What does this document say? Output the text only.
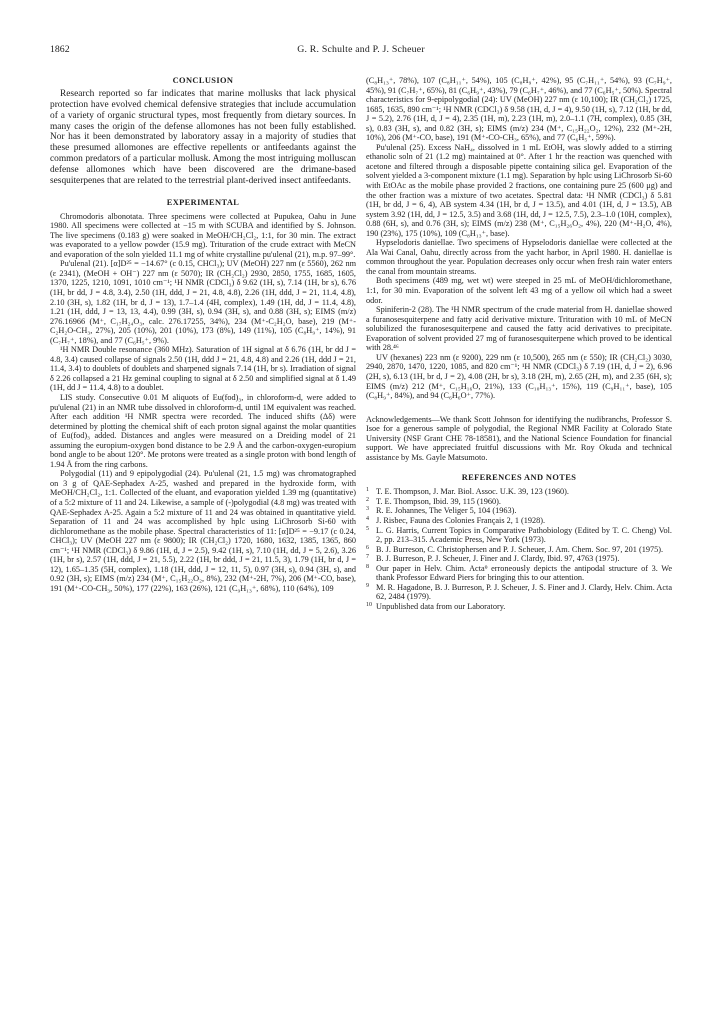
1862	G. R. Schulte and P. J. Scheuer
CONCLUSION

Research reported so far indicates that marine mollusks that lack physical protection have evolved chemical defensive strategies that include accumulation of a variety of organic structural types, most frequently from dietary sources. In many cases the origin of the defense allomones has not been fully established. Nor has it been demonstrated by laboratory assay in a majority of studies that these presumed allomones are effective repellents or antifeedants against the common predators of a particular mollusk. Among the most intriguing molluscan defense allomones which have been discovered are the drimane-based sesquiterpenes that are related to the terrestrial plant-derived insect antifeedants.

EXPERIMENTAL

Chromodoris albonotata. Three specimens were collected at Pupukea, Oahu in June 1980. All specimens were collected at −15 m with SCUBA and identified by S. Johnson. The live specimens (0.183 g) were soaked in MeOH/CH₂Cl₂, 1:1, for 30 min. The extract was evaporated to a yellow powder (15.9 mg). Trituration of the crude extract with MeCN and evaporation of the soln yielded 11.1 mg of white crystalline pu'ulenal (21), m.p. 97–99°.

Pu'ulenal (21). [α]D²⁵ = −14.67° (c 0.15, CHCl₃); UV (MeOH) 227 nm (ε 5560), 262 nm (ε 2341), (MeOH + OH⁻) 227 nm (ε 5070); IR (CH₂Cl₂) 2930, 2850, 1755, 1685, 1605, 1370, 1225, 1210, 1091, 1010 cm⁻¹; ¹H NMR (CDCl₃) δ 9.62 (1H, s), 7.14 (1H, br s), 6.76 (1H, br dd, J = 4.8, 3.4), 2.50 (1H, ddd, J = 21, 4.8, 4.8), 2.26 (1H, ddd, J = 21, 11.4, 4.8), 2.10 (3H, s), 1.82 (1H, br d, J = 13), 1.7–1.4 (4H, complex), 1.49 (1H, dd, J = 11.4, 4.8), 1.21 (1H, ddd, J = 13, 13, 4.4), 0.99 (3H, s), 0.94 (3H, s), and 0.88 (3H, s); EIMS (m/z) 276.16966 (M⁺, C₁₇H₂₄O₃, calc. 276.17255, 34%), 234 (M⁺-C₂H₂O, base), 219 (M⁺-C₂H₂O-CH₃, 27%), 205 (10%), 201 (10%), 173 (8%), 149 (11%), 105 (C₈H₉⁺, 14%), 91 (C₇H₇⁺, 18%), and 77 (C₆H₅⁺, 9%).

¹H NMR Double resonance (360 MHz). Saturation of 1H signal at δ 6.76 (1H, br dd J = 4.8, 3.4) caused collapse of signals 2.50 (1H, ddd J = 21, 4.8, 4.8) and 2.26 (1H, ddd J = 21, 11.4, 3.4) to doublets of doublets and sharpened signals 7.14 (1H, br s). Irradiation of signal δ 2.26 collapsed a 21 Hz geminal coupling to signal at δ 2.50 and simplified signal at δ 1.49 (1H, dd J = 11.4, 4.8) to a doublet.

LIS study. Consecutive 0.01 M aliquots of Eu(fod)₃, in chloroform-d, were added to pu'ulenal (21) in an NMR tube dissolved in chloroform-d, until 1M equivalent was reached. After each addition ¹H NMR spectra were recorded. The induced shifts (Δδ) were determined by plotting the chemical shift of each proton signal against the molar quantities of Eu(fod)₃ added. Distances and angles were measured on a Dreiding model of 21 assuming the europium-oxygen bond distance to be 2.9 Å and the carbon-oxygen-europium bond angle to be about 120°. Me protons were treated as a single proton with bond length of 1.94 Å from the ring carbons.

Polygodial (11) and 9 epipolygodial (24). Pu'ulenal (21, 1.5 mg) was chromatographed on 3 g of QAE-Sephadex A-25, washed and prepared in the hydroxide form, with MeOH/CH₂Cl₂, 1:1. Collected of the eluant, and evaporation yielded 1.39 mg (quantitative) of a 5:2 mixture of 11 and 24. Likewise, a sample of (-)polygodial (4.8 mg) was treated with QAE-Sephadex A-25. Again a 5:2 mixture of 11 and 24 was obtained in quantitative yield. Separation of 11 and 24 was accomplished by hplc using LiChrosorb Si-60 with dichloromethane as the mobile phase. Spectral characteristics of 11: [α]D²⁵ = −9.17 (c 0.24, CHCl₃); UV (MeOH 227 nm (ε 9800); IR (CH₂Cl₂) 1720, 1680, 1632, 1385, 1365, 860 cm⁻¹; ¹H NMR (CDCl₃) δ 9.86 (1H, d, J = 2.5), 9.42 (1H, s), 7.10 (1H, dd, J = 5, 2.6), 3.26 (1H, br s), 2.57 (1H, ddd, J = 21, 5.5), 2.22 (1H, br ddd, J = 21, 11.5, 3), 1.79 (1H, br d, J = 12), 1.65–1.35 (5H, complex), 1.18 (1H, ddd, J = 12, 11, 5), 0.97 (3H, s), 0.94 (3H, s), and 0.92 (3H, s); EIMS (m/z) 234 (M⁺, C₁₅H₂₂O₂, 8%), 232 (M⁺-2H, 7%), 206 (M⁺-CO, base), 191 (M⁺-CO-CH₃, 50%), 177 (22%), 163 (26%), 121 (C₉H₁₃⁺, 68%), 110 (64%), 109

(C₈H₁₃⁺, 78%), 107 (C₈H₁₁⁺, 54%), 105 (C₈H₉⁺, 42%), 95 (C₇H₁₁⁺, 54%), 93 (C₇H₉⁺, 45%), 91 (C₇H₇⁺, 65%), 81 (C₆H₉⁺, 43%), 79 (C₆H₇⁺, 46%), and 77 (C₆H₅⁺, 50%). Spectral characteristics for 9-epipolygodial (24): UV (MeOH) 227 nm (ε 10,100); IR (CH₂Cl₂) 1725, 1685, 1635, 890 cm⁻¹; ¹H NMR (CDCl₃) δ 9.58 (1H, d, J = 4), 9.50 (1H, s), 7.12 (1H, br dd, J = 5.2), 2.76 (1H, d, J = 4), 2.35 (1H, m), 2.23 (1H, m), 2.0–1.1 (7H, complex), 0.85 (3H, s), 0.83 (3H, s), and 0.82 (3H, s); EIMS (m/z) 234 (M⁺, C₁₅H₂₂O₂, 12%), 232 (M⁺-2H, 10%), 206 (M⁺-CO, base), 191 (M⁺-CO-CH₃, 65%), and 77 (C₆H₅⁺, 59%).

Pu'ulenal (25). Excess NaH₄, dissolved in 1 mL EtOH, was slowly added to a stirring ethanolic soln of 21 (1.2 mg) maintained at 0°. After 1 hr the reaction was quenched with acetone and filtered through a disposable pipette containing silica gel. Evaporation of the solvent yielded a 3-component mixture (1.1 mg). Separation by hplc using LiChrosorb Si-60 with EtOAc as the mobile phase provided 2 fractions, one containing pure 25 (600 μg) and the other fraction was a mixture of two acetates. Spectral data: ¹H NMR (CDCl₃) δ 5.81 (1H, br dd, J = 6, 4), AB system 4.34 (1H, br d, J = 13.5), and 4.01 (1H, d, J = 13.5), AB system 3.92 (1H, dd, J = 12.5, 3.5) and 3.68 (1H, dd, J = 12.5, 7.5), 2.3–1.0 (10H, complex), 0.88 (6H, s), and 0.76 (3H, s); EIMS (m/z) 238 (M⁺, C₁₅H₂₆O₂, 4%), 220 (M⁺-H₂O, 4%), 190 (23%), 175 (10%), 109 (C₈H₁₃⁺, base).

Hypselodoris daniellae. Two specimens of Hypselodoris daniellae were collected at the Ala Wai Canal, Oahu, directly across from the yacht harbor, in April 1980. H. daniellae is common throughout the year. Population decreases only occur when fresh rain water enters the canal from mountain streams.

Both specimens (489 mg, wet wt) were steeped in 25 mL of MeOH/dichloromethane, 1:1, for 30 min. Evaporation of the solvent left 43 mg of a yellow oil which had a sweet odor.

Spiniferin-2 (28). The ¹H NMR spectrum of the crude material from H. daniellae showed a furanosesquiterpene and fatty acid derivative mixture. Trituration with 10 mL of MeCN solubilized the furanosesquiterpene and caused the fatty acid derivatives to precipitate. Evaporation of solvent provided 27 mg of furanosesquiterpene which proved to be identical with 28.⁴⁶

UV (hexanes) 223 nm (ε 9200), 229 nm (ε 10,500), 265 nm (ε 550); IR (CH₂Cl₂) 3030, 2940, 2870, 1470, 1220, 1085, and 820 cm⁻¹; ¹H NMR (CDCl₃) δ 7.19 (1H, d, J = 2), 6.96 (2H, s), 6.13 (1H, br d, J = 2), 4.08 (2H, br s), 3.18 (2H, m), 2.65 (2H, m), and 2.35 (6H, s); EIMS (m/z) 212 (M⁺, C₁₅H₁₆O, 21%), 133 (C₁₀H₁₃⁺, 15%), 119 (C₉H₁₁⁺, base), 105 (C₈H₉⁺, 84%), and 94 (C₆H₆O⁺, 77%).

Acknowledgements—We thank Scott Johnson for identifying the nudibranchs, Professor S. Isoe for a generous sample of polygodial, the Regional NMR Facility at Colorado State University (NSF Grant CHE 78-18581), and the National Science Foundation for financial support. We have appreciated fruitful discussions with Mr. Roy Okuda and technical assistance by Ms. Gayle Matsumoto.

REFERENCES AND NOTES

1 T. E. Thompson, J. Mar. Biol. Assoc. U.K. 39, 123 (1960).

2 T. E. Thompson, Ibid. 39, 115 (1960).

3 R. E. Johannes, The Veliger 5, 104 (1963).

4 J. Risbec, Fauna des Colonies Français 2, 1 (1928).

5 L. G. Harris, Current Topics in Comparative Pathobiology (Edited by T. C. Cheng) Vol. 2, pp. 213–315. Academic Press, New York (1973).

6 B. J. Burreson, C. Christophersen and P. J. Scheuer, J. Am. Chem. Soc. 97, 201 (1975).

7 B. J. Burreson, P. J. Scheuer, J. Finer and J. Clardy, Ibid. 97, 4763 (1975).

8 Our paper in Helv. Chim. Acta⁹ erroneously depicts the antipodal structure of 3. We thank Professor Edward Piers for bringing this to our attention.

9 M. R. Hagadone, B. J. Burreson, P. J. Scheuer, J. S. Finer and J. Clardy, Helv. Chim. Acta 62, 2484 (1979).

10 Unpublished data from our Laboratory.
